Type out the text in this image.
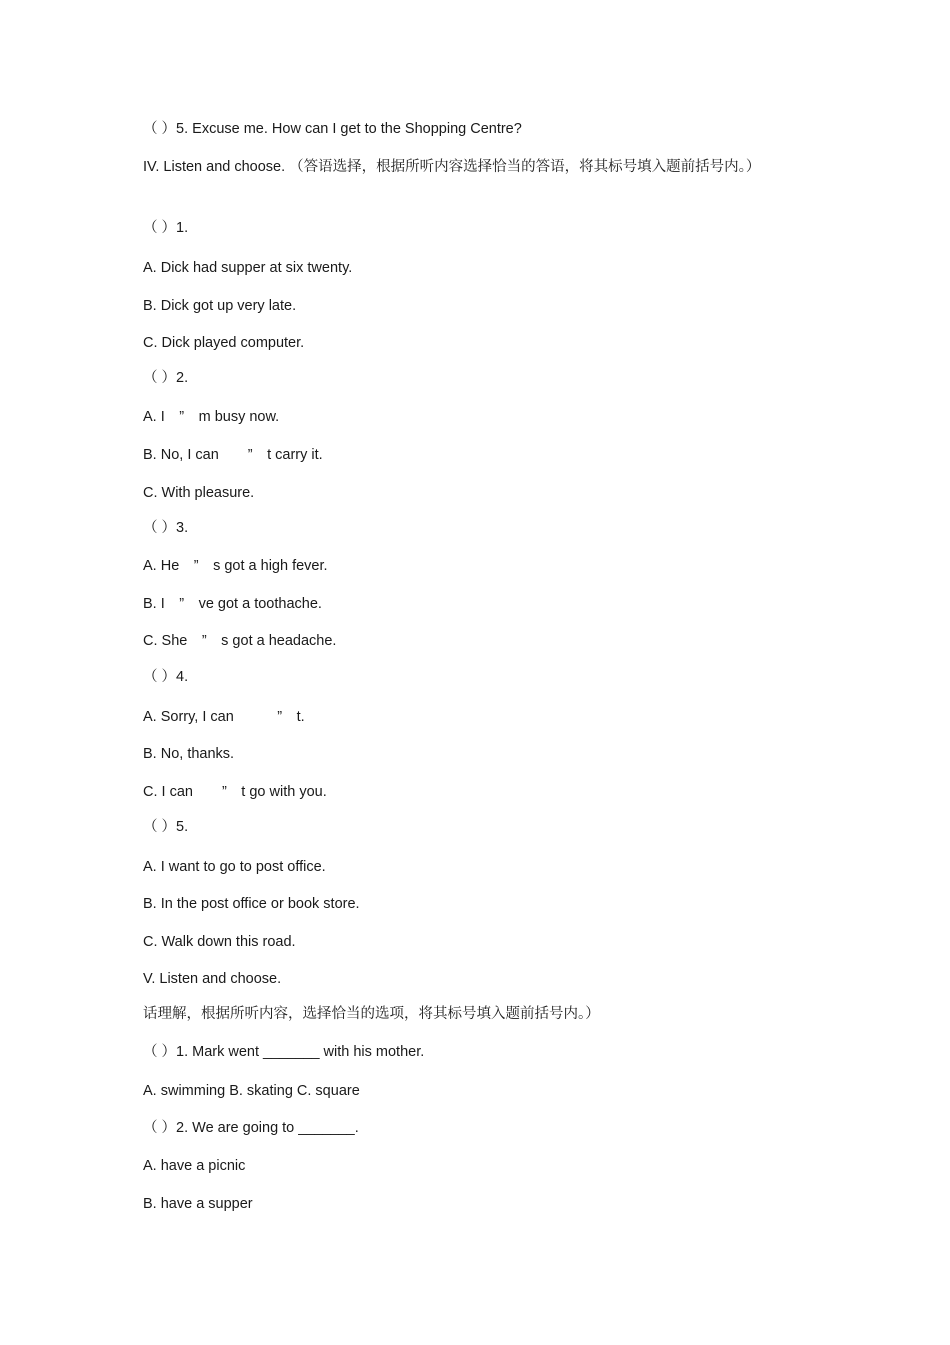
（ ）5. Excuse me. How can I get to the Shopping Centre?
IV. Listen and choose. （答语选择，根据所听内容选择恰当的答语，将其标号填入题前括号内。）
（ ）1.
A. Dick had supper at six twenty.
B. Dick got up very late.
C. Dick played computer.
（ ）2.
A. I　”　m busy now.
B. No, I can　　”　t carry it.
C. With pleasure.
（ ）3.
A. He　”　s got a high fever.
B. I　”　ve got a toothache.
C. She　”　s got a headache.
（ ）4.
A. Sorry, I can　　　”　t.
B. No, thanks.
C. I can　　”　t go with you.
（ ）5.
A. I want to go to post office.
B. In the post office or book store.
C. Walk down this road.
V. Listen and choose.
话理解，根据所听内容，选择恰当的选项，将其标号填入题前括号内。）
（ ）1. Mark went _______ with his mother.
A. swimming B. skating C. square
（ ）2. We are going to _______.
A. have a picnic
B. have a supper
